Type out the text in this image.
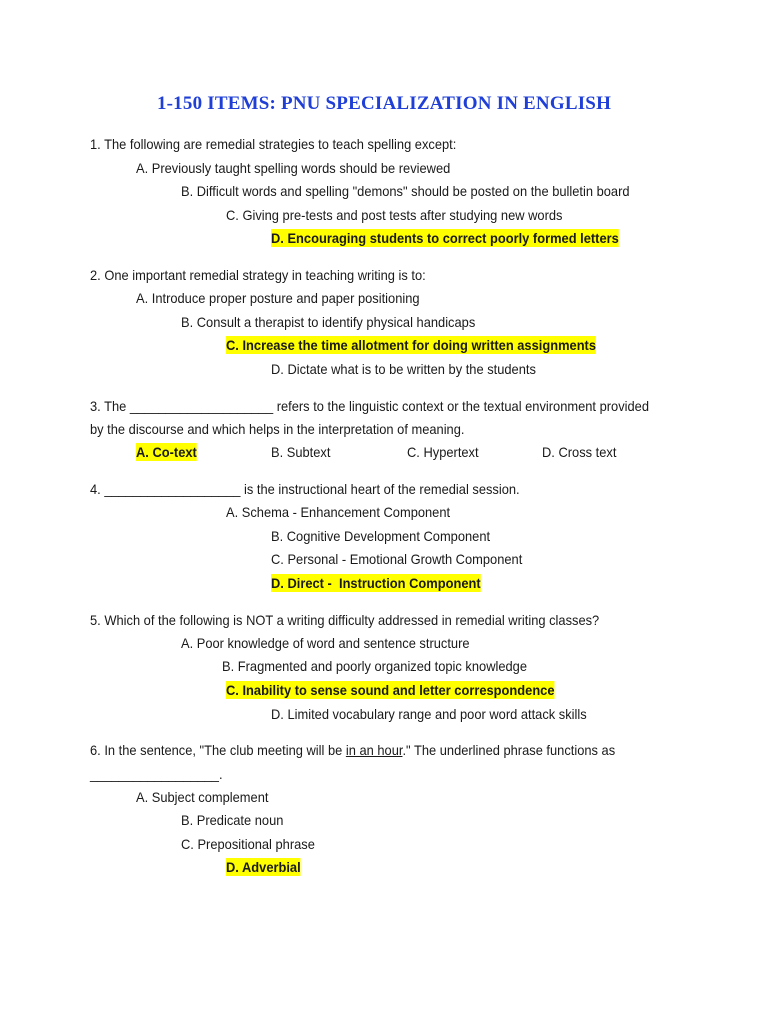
1-150 ITEMS: PNU SPECIALIZATION IN ENGLISH
1. The following are remedial strategies to teach spelling except:
A. Previously taught spelling words should be reviewed
B. Difficult words and spelling "demons" should be posted on the bulletin board
C. Giving pre-tests and post tests after studying new words
D. Encouraging students to correct poorly formed letters
2. One important remedial strategy in teaching writing is to:
A. Introduce proper posture and paper positioning
B. Consult a therapist to identify physical handicaps
C. Increase the time allotment for doing written assignments
D. Dictate what is to be written by the students
3. The ____________________ refers to the linguistic context or the textual environment provided
by the discourse and which helps in the interpretation of meaning.
A. Co-text	B. Subtext	C. Hypertext	D. Cross text
4. ___________________ is the instructional heart of the remedial session.
A. Schema - Enhancement Component
B. Cognitive Development Component
C. Personal - Emotional Growth Component
D. Direct -  Instruction Component
5. Which of the following is NOT a writing difficulty addressed in remedial writing classes?
A. Poor knowledge of word and sentence structure
B. Fragmented and poorly organized topic knowledge
C. Inability to sense sound and letter correspondence
D. Limited vocabulary range and poor word attack skills
6. In the sentence, "The club meeting will be in an hour." The underlined phrase functions as
__________________.
A. Subject complement
B. Predicate noun
C. Prepositional phrase
D. Adverbial
